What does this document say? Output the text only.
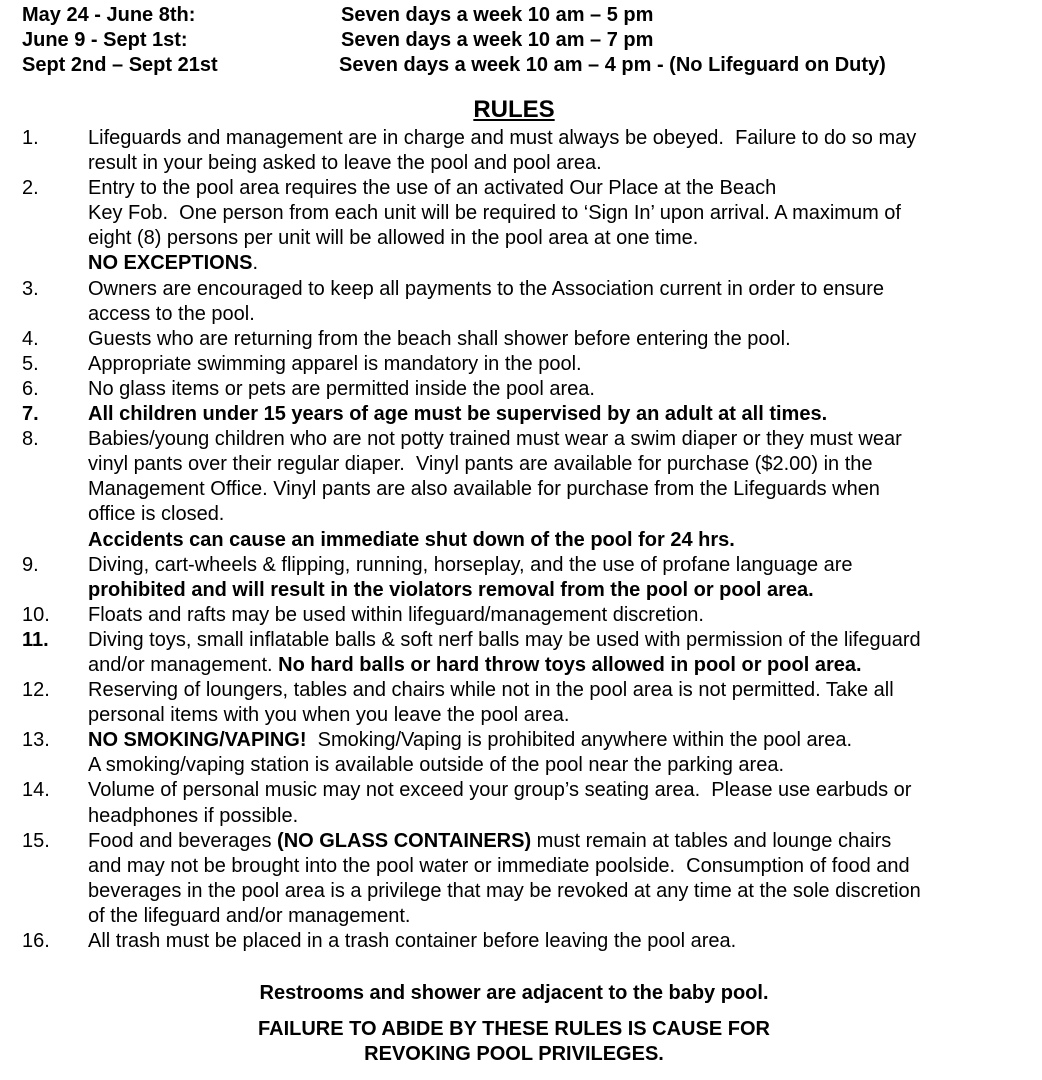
May 24 - June 8th:	Seven days a week 10 am – 5 pm
June 9 - Sept 1st:	Seven days a week 10 am – 7 pm
Sept 2nd – Sept 21st	Seven days a week 10 am – 4 pm - (No Lifeguard on Duty)
RULES
1.	Lifeguards and management are in charge and must always be obeyed.  Failure to do so may
result in your being asked to leave the pool and pool area.
2.	Entry to the pool area requires the use of an activated Our Place at the Beach
Key Fob.  One person from each unit will be required to ‘Sign In’ upon arrival. A maximum of
eight (8) persons per unit will be allowed in the pool area at one time.
NO EXCEPTIONS.
3.	Owners are encouraged to keep all payments to the Association current in order to ensure
access to the pool.
4.	Guests who are returning from the beach shall shower before entering the pool.
5.	Appropriate swimming apparel is mandatory in the pool.
6.	No glass items or pets are permitted inside the pool area.
7.	All children under 15 years of age must be supervised by an adult at all times.
8.	Babies/young children who are not potty trained must wear a swim diaper or they must wear
vinyl pants over their regular diaper.  Vinyl pants are available for purchase ($2.00) in the
Management Office. Vinyl pants are also available for purchase from the Lifeguards when
office is closed.
Accidents can cause an immediate shut down of the pool for 24 hrs.
9.	Diving, cart-wheels & flipping, running, horseplay, and the use of profane language are
prohibited and will result in the violators removal from the pool or pool area.
10.	Floats and rafts may be used within lifeguard/management discretion.
11.	Diving toys, small inflatable balls & soft nerf balls may be used with permission of the lifeguard
and/or management. No hard balls or hard throw toys allowed in pool or pool area.
12.	Reserving of loungers, tables and chairs while not in the pool area is not permitted. Take all
personal items with you when you leave the pool area.
13.	NO SMOKING/VAPING!  Smoking/Vaping is prohibited anywhere within the pool area.
A smoking/vaping station is available outside of the pool near the parking area.
14.	Volume of personal music may not exceed your group’s seating area.  Please use earbuds or
headphones if possible.
15.	Food and beverages (NO GLASS CONTAINERS) must remain at tables and lounge chairs
and may not be brought into the pool water or immediate poolside.  Consumption of food and
beverages in the pool area is a privilege that may be revoked at any time at the sole discretion
of the lifeguard and/or management.
16.	All trash must be placed in a trash container before leaving the pool area.
Restrooms and shower are adjacent to the baby pool.
FAILURE TO ABIDE BY THESE RULES IS CAUSE FOR
REVOKING POOL PRIVILEGES.
